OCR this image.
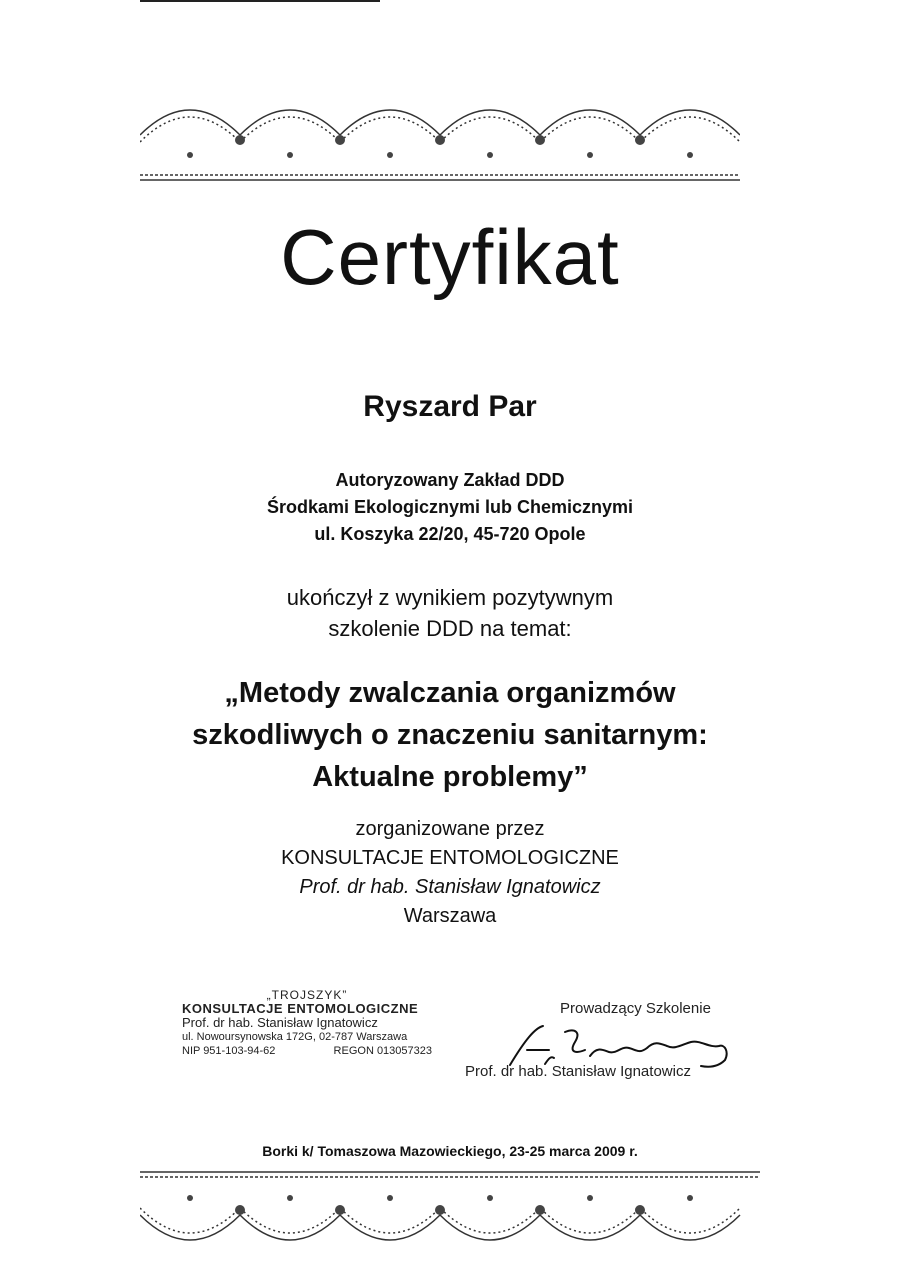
Certyfikat
Ryszard Par
Autoryzowany Zakład DDD
Środkami Ekologicznymi lub Chemicznymi
ul. Koszyka 22/20, 45-720 Opole
ukończył z wynikiem pozytywnym
szkolenie DDD na temat:
„Metody zwalczania organizmów
szkodliwych o znaczeniu sanitarnym:
Aktualne problemy”
zorganizowane przez
KONSULTACJE ENTOMOLOGICZNE
Prof. dr hab. Stanisław Ignatowicz
Warszawa
„TROJSZYK”
KONSULTACJE ENTOMOLOGICZNE
Prof. dr hab. Stanisław Ignatowicz
ul. Nowoursynowska 172G, 02-787 Warszawa
NIP 951-103-94-62	REGON 013057323
Prowadzący Szkolenie
Prof. dr hab. Stanisław Ignatowicz
Borki k/ Tomaszowa Mazowieckiego, 23-25 marca 2009 r.
